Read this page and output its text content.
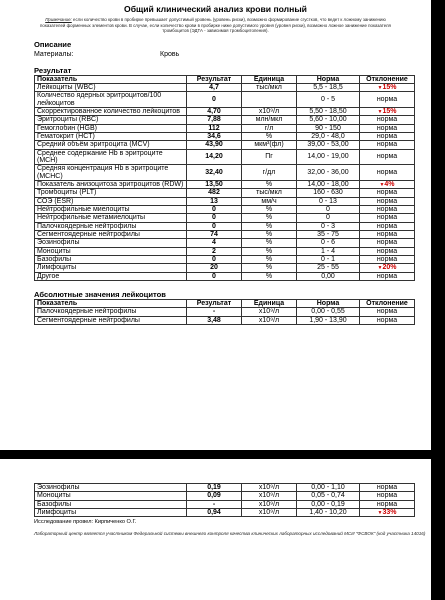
Общий клинический анализ крови полный
Примечание: если количество крови в пробирке превышает допустимый уровень (уровень риски), возможно формирование сгустков, что ведет к ложному занижению показателей форменных элементов крови. В случае, если количество крови в пробирке ниже допустимого уровня (уровня риски), возможно ложное занижение показателя тромбоцитов (ЭДТА - зависимая тромбоцитопения).
Описание
Материалы:	Кровь
Результат
Показатель	Результат	Единица	Норма	Отклонение
Лейкоциты (WBC)	4,7	тыс/мкл	5,5 - 18,5	▼15%
Количество ядерных эритроцитов/100 лейкоцитов	0		0 - 5	норма
Скорректированное количество лейкоцитов	4,70	x10⁹/л	5,50 - 18,50	▼15%
Эритроциты (RBC)	7,88	млн/мкл	5,60 - 10,00	норма
Гемоглобин (HGB)	112	г/л	90 - 150	норма
Гематокрит (HCT)	34,6	%	29,0 - 48,0	норма
Средний объём эритроцита (MCV)	43,90	мкм³(фл)	39,00 - 53,00	норма
Среднее содержание Hb в эритроците (MCH)	14,20	Пг	14,00 - 19,00	норма
Средняя концентрация Hb в эритроците (MCHC)	32,40	г/дл	32,00 - 36,00	норма
Показатель анизоцитоза эритроцитов (RDW)	13,50	%	14,00 - 18,00	▼4%
Тромбоциты (PLT)	482	тыс/мкл	160 - 630	норма
СОЭ (ESR)	13	мм/ч	0 - 13	норма
Нейтрофильные миелоциты	0	%	0	норма
Нейтрофильные метамиелоциты	0	%	0	норма
Палочкоядерные нейтрофилы	0	%	0 - 3	норма
Сегментоядерные нейтрофилы	74	%	35 - 75	норма
Эозинофилы	4	%	0 - 6	норма
Моноциты	2	%	1 - 4	норма
Базофилы	0	%	0 - 1	норма
Лимфоциты	20	%	25 - 55	▼20%
Другое	0	%	0,00	норма
Абсолютные значения лейкоцитов
Показатель	Результат	Единица	Норма	Отклонение
Палочкоядерные нейтрофилы	-	x10⁹/л	0,00 - 0,55	норма
Сегментоядерные нейтрофилы	3,48	x10⁹/л	1,90 - 13,90	норма
Эозинофилы	0,19	x10⁹/л	0,00 - 1,10	норма
Моноциты	0,09	x10⁹/л	0,05 - 0,74	норма
Базофилы	-	x10⁹/л	0,00 - 0,19	норма
Лимфоциты	0,94	x10⁹/л	1,40 - 10,20	▼33%
Исследование провел: Кирпиченко О.Г.
Лабораторный центр является участником Федеральной системы внешнего контроля качества клинических лабораторных исследований МСИ "ФСВОК" (код участника 14016)
